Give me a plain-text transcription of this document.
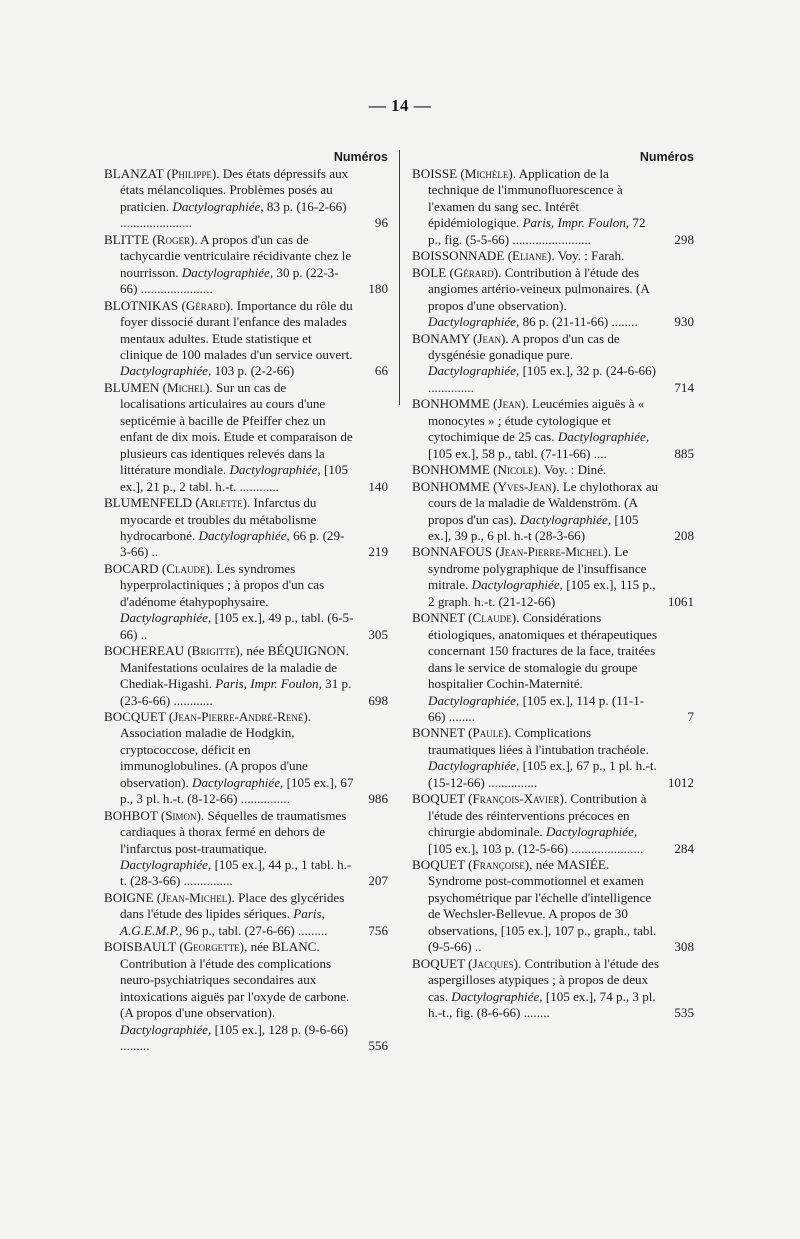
— 14 —
Numéros
BLANZAT (Philippe). Des états dépressifs aux états mélancoliques. Problèmes posés au praticien. Dactylographiée, 83 p. (16-2-66) ......................	96
BLITTE (Roger). A propos d'un cas de tachycardie ventriculaire récidivante chez le nourrisson. Dactylographiée, 30 p. (22-3-66) ......................	180
BLOTNIKAS (Gérard). Importance du rôle du foyer dissocié durant l'enfance des malades mentaux adultes. Etude statistique et clinique de 100 malades d'un service ouvert. Dactylographiée, 103 p. (2-2-66)	66
BLUMEN (Michel). Sur un cas de localisations articulaires au cours d'une septicémie à bacille de Pfeiffer chez un enfant de dix mois. Etude et comparaison de plusieurs cas identiques relevés dans la littérature mondiale. Dactylographiée, [105 ex.], 21 p., 2 tabl. h.-t. ............	140
BLUMENFELD (Arlette). Infarctus du myocarde et troubles du métabolisme hydrocarboné. Dactylographiée, 66 p. (29-3-66) ..	219
BOCARD (Claude). Les syndromes hyperprolactiniques ; à propos d'un cas d'adénome étahypophysaire. Dactylographiée, [105 ex.], 49 p., tabl. (6-5-66) ..	305
BOCHEREAU (Brigitte), née BÉQUIGNON. Manifestations oculaires de la maladie de Chediak-Higashi. Paris, Impr. Foulon, 31 p. (23-6-66) ............	698
BOCQUET (Jean-Pierre-André-René). Association maladie de Hodgkin, cryptococcose, déficit en immunoglobulines. (A propos d'une observation). Dactylographiée, [105 ex.], 67 p., 3 pl. h.-t. (8-12-66) ...............	986
BOHBOT (Simon). Séquelles de traumatismes cardiaques à thorax fermé en dehors de l'infarctus post-traumatique. Dactylographiée, [105 ex.], 44 p., 1 tabl. h.-t. (28-3-66) ...............	207
BOIGNE (Jean-Michel). Place des glycérides dans l'étude des lipides sériques. Paris, A.G.E.M.P., 96 p., tabl. (27-6-66) .........	756
BOISBAULT (Georgette), née BLANC. Contribution à l'étude des complications neuro-psychiatriques secondaires aux intoxications aiguës par l'oxyde de carbone. (A propos d'une observation). Dactylographiée, [105 ex.], 128 p. (9-6-66) .........	556
Numéros
BOISSE (Michèle). Application de la technique de l'immunofluorescence à l'examen du sang sec. Intérêt épidémiologique. Paris, Impr. Foulon, 72 p., fig. (5-5-66) ........................	298
BOISSONNADE (Eliane). Voy. : Farah.
BOLE (Gérard). Contribution à l'étude des angiomes artério-veineux pulmonaires. (A propos d'une observation). Dactylographiée, 86 p. (21-11-66) ........	930
BONAMY (Jean). A propos d'un cas de dysgénésie gonadique pure. Dactylographiée, [105 ex.], 32 p. (24-6-66) ..............	714
BONHOMME (Jean). Leucémies aiguës à « monocytes » ; étude cytologique et cytochimique de 25 cas. Dactylographiée, [105 ex.], 58 p., tabl. (7-11-66) ....	885
BONHOMME (Nicole). Voy. : Diné.
BONHOMME (Yves-Jean). Le chylothorax au cours de la maladie de Waldenström. (A propos d'un cas). Dactylographiée, [105 ex.], 39 p., 6 pl. h.-t (28-3-66)	208
BONNAFOUS (Jean-Pierre-Michel). Le syndrome polygraphique de l'insuffisance mitrale. Dactylographiée, [105 ex.], 115 p., 2 graph. h.-t. (21-12-66)	1061
BONNET (Claude). Considérations étiologiques, anatomiques et thérapeutiques concernant 150 fractures de la face, traitées dans le service de stomalogie du groupe hospitalier Cochin-Maternité. Dactylographiée, [105 ex.], 114 p. (11-1-66) ........	7
BONNET (Paule). Complications traumatiques liées à l'intubation trachéole. Dactylographiée, [105 ex.], 67 p., 1 pl. h.-t. (15-12-66) ...............	1012
BOQUET (François-Xavier). Contribution à l'étude des réinterventions précoces en chirurgie abdominale. Dactylographiée, [105 ex.], 103 p. (12-5-66) ...................... 284
BOQUET (Françoise), née MASIÉE. Syndrome post-commotionnel et examen psychométrique par l'échelle d'intelligence de Wechsler-Bellevue. A propos de 30 observations, [105 ex.], 107 p., graph., tabl. (9-5-66) ..	308
BOQUET (Jacques). Contribution à l'étude des aspergilloses atypiques ; à propos de deux cas. Dactylographiée, [105 ex.], 74 p., 3 pl. h.-t., fig. (8-6-66) ........	535
